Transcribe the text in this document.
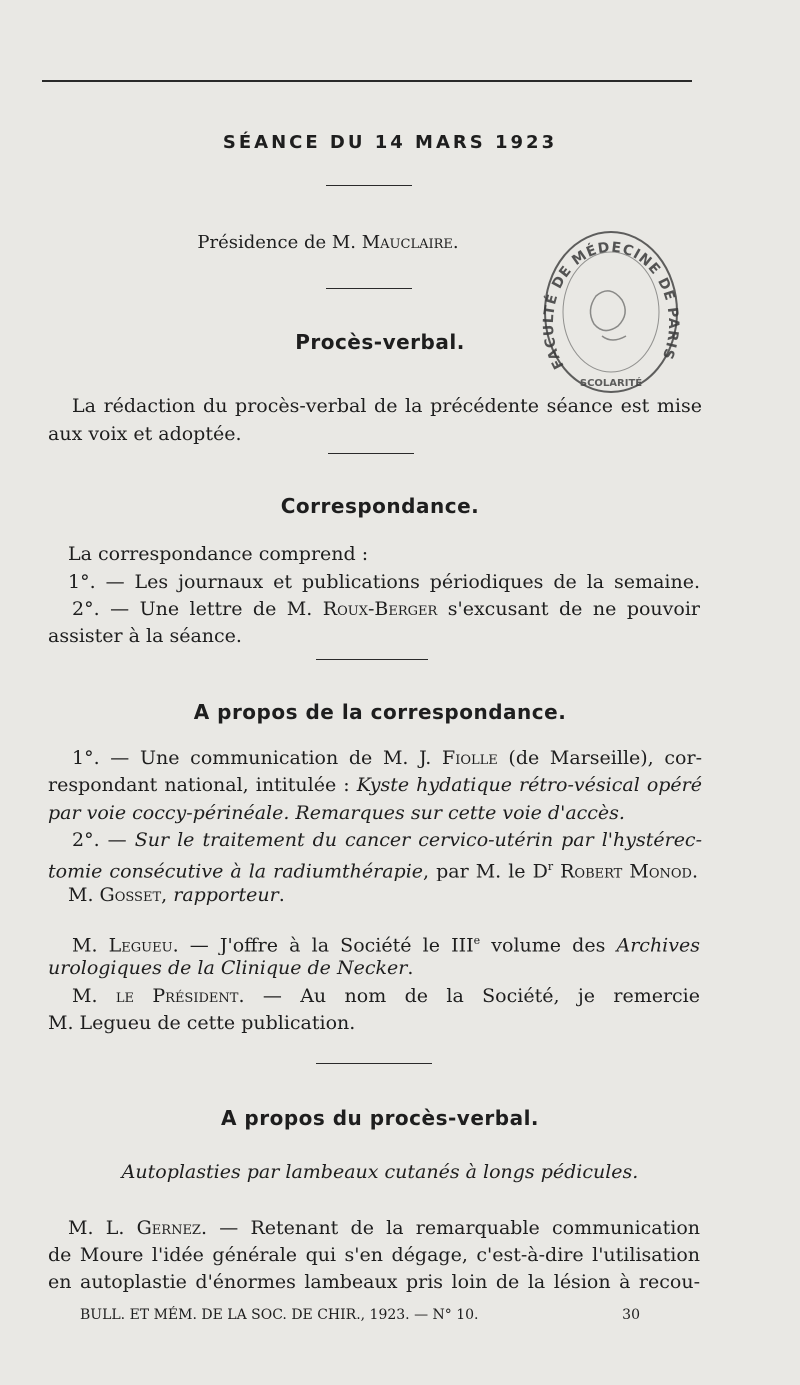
SÉANCE DU 14 MARS 1923

Présidence de M. Mauclaire.

Procès-verbal.

La rédaction du procès-verbal de la précédente séance est mise

aux voix et adoptée.

Correspondance.

La correspondance comprend :

1°. — Les journaux et publications périodiques de la semaine.

2°. — Une lettre de M. Roux-Berger s'excusant de ne pouvoir

assister à la séance.

A propos de la correspondance.

1°. — Une communication de M. J. Fiolle (de Marseille), cor-

respondant national, intitulée : Kyste hydatique rétro-vésical opéré

par voie coccy-périnéale. Remarques sur cette voie d'accès.

2°. — Sur le traitement du cancer cervico-utérin par l'hystérec-

tomie consécutive à la radiumthérapie, par M. le $D^r$ Robert Monod.

M. Gosset, rapporteur.

M. Legueu. — J'offre à la Société le IIIe volume des Archives

urologiques de la Clinique de Necker.

M. le Président. — Au nom de la Société, je remercie

M. Legueu de cette publication.

A propos du procès-verbal.
Autoplasties par lambeaux cutanés à longs pédicules.

M. L. Gernez. — Retenant de la remarquable communication

de Moure l'idée générale qui s'en dégage, c'est-à-dire l'utilisation

en autoplastie d'énormes lambeaux pris loin de la lésion à recou-

BULL. ET MÉM. DE LA SOC. DE CHIR., 1923. — N° 10.	30
FACULTÉ DE MÉDECINE DE PARIS
SCOLARITÉ
